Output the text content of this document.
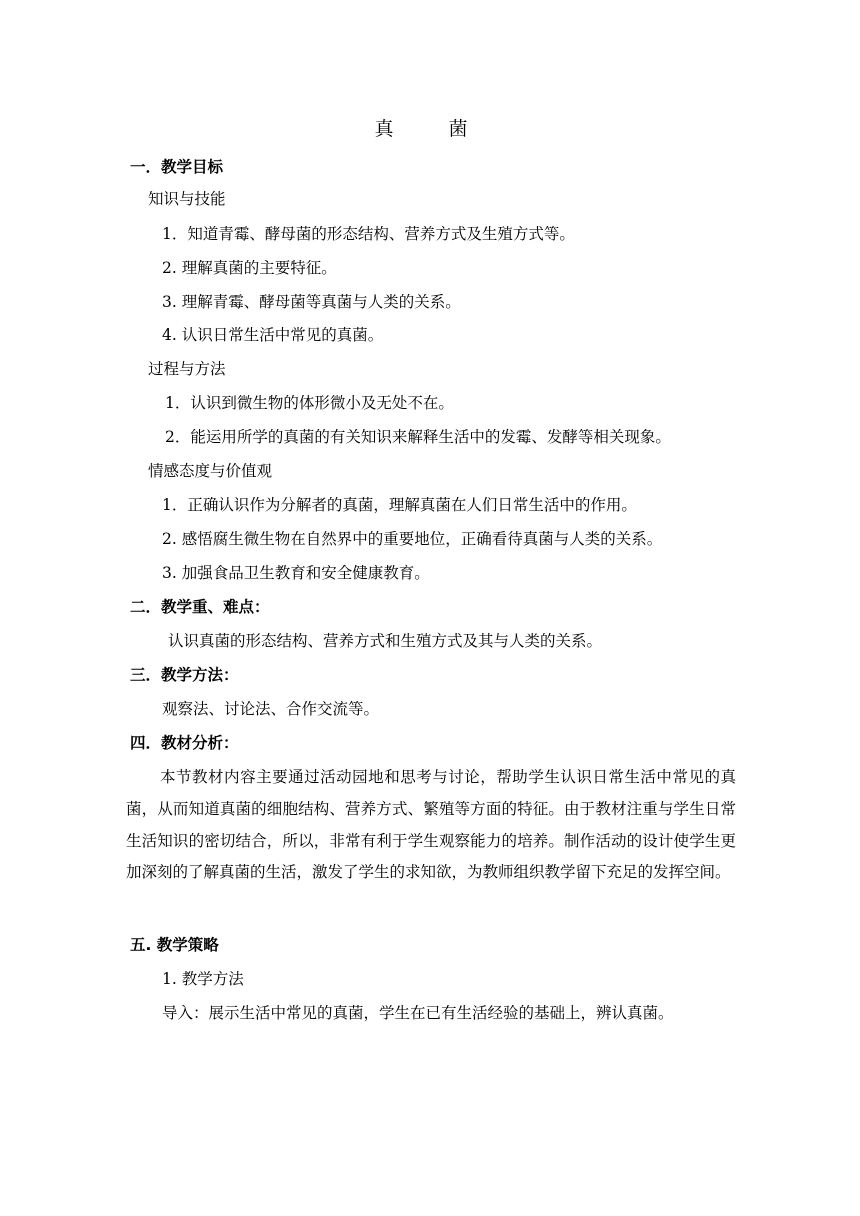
真　菌
一．教学目标
知识与技能
1．知道青霉、酵母菌的形态结构、营养方式及生殖方式等。
2. 理解真菌的主要特征。
3. 理解青霉、酵母菌等真菌与人类的关系。
4. 认识日常生活中常见的真菌。
过程与方法
1．认识到微生物的体形微小及无处不在。
2．能运用所学的真菌的有关知识来解释生活中的发霉、发酵等相关现象。
情感态度与价值观
1．正确认识作为分解者的真菌，理解真菌在人们日常生活中的作用。
2. 感悟腐生微生物在自然界中的重要地位，正确看待真菌与人类的关系。
3. 加强食品卫生教育和安全健康教育。
二．教学重、难点：
认识真菌的形态结构、营养方式和生殖方式及其与人类的关系。
三．教学方法：
观察法、讨论法、合作交流等。
四．教材分析：
本节教材内容主要通过活动园地和思考与讨论，帮助学生认识日常生活中常见的真菌，从而知道真菌的细胞结构、营养方式、繁殖等方面的特征。由于教材注重与学生日常生活知识的密切结合，所以，非常有利于学生观察能力的培养。制作活动的设计使学生更加深刻的了解真菌的生活，激发了学生的求知欲，为教师组织教学留下充足的发挥空间。
五. 教学策略
1. 教学方法
导入：展示生活中常见的真菌，学生在已有生活经验的基础上，辨认真菌。
